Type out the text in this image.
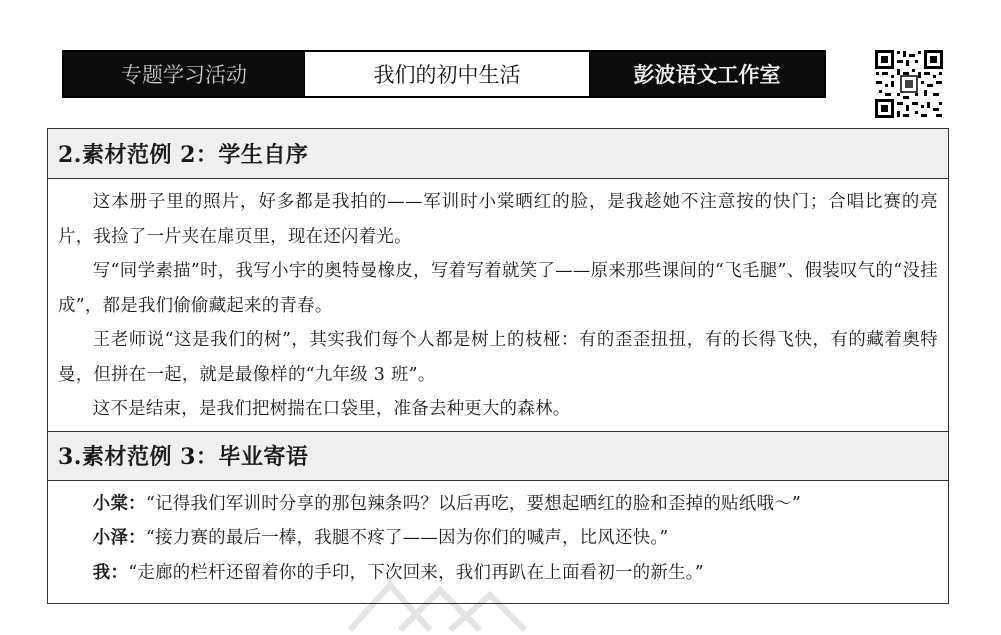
专题学习活动	我们的初中生活	彭波语文工作室
2.素材范例 2：学生自序

这本册子里的照片，好多都是我拍的——军训时小棠晒红的脸，是我趁她不注意按的快门；合唱比赛的亮片，我捡了一片夹在扉页里，现在还闪着光。

写“同学素描”时，我写小宇的奥特曼橡皮，写着写着就笑了——原来那些课间的“飞毛腿”、假装叹气的“没挂成”，都是我们偷偷藏起来的青春。

王老师说“这是我们的树”，其实我们每个人都是树上的枝桠：有的歪歪扭扭，有的长得飞快，有的藏着奥特曼，但拼在一起，就是最像样的“九年级 3 班”。

这不是结束，是我们把树揣在口袋里，准备去种更大的森林。

3.素材范例 3：毕业寄语

小棠：“记得我们军训时分享的那包辣条吗？以后再吃，要想起晒红的脸和歪掉的贴纸哦～”

小泽：“接力赛的最后一棒，我腿不疼了——因为你们的喊声，比风还快。”

我：“走廊的栏杆还留着你的手印，下次回来，我们再趴在上面看初一的新生。”
